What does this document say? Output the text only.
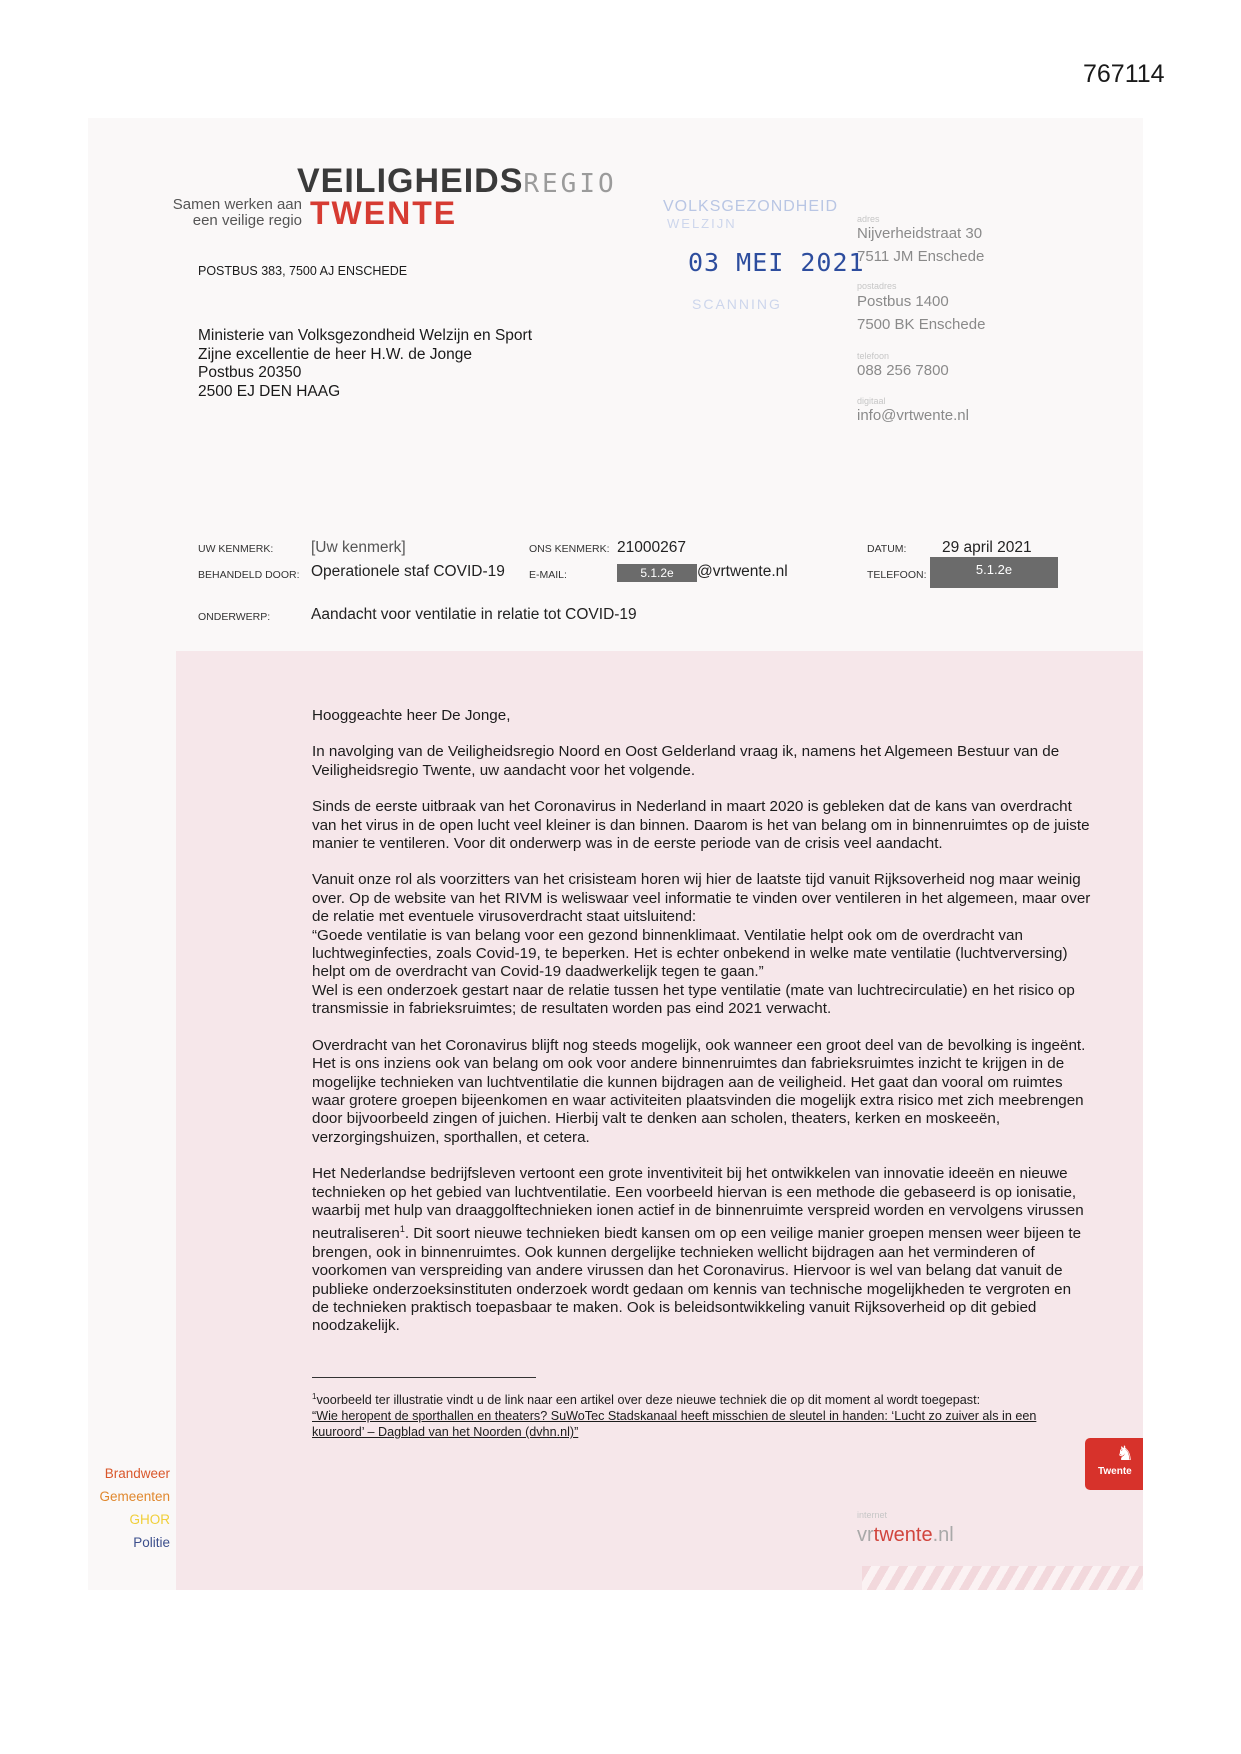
767114
VEILIGHEIDSREGIO
TWENTE
Samen werken aan
een veilige regio
VOLKSGEZONDHEID
WELZIJN
03 MEI 2021
SCANNING
POSTBUS 383, 7500 AJ ENSCHEDE
Ministerie van Volksgezondheid Welzijn en Sport
Zijne excellentie de heer H.W. de Jonge
Postbus 20350
2500 EJ DEN HAAG
adres
Nijverheidstraat 30
7511 JM Enschede
postadres
Postbus 1400
7500 BK Enschede
telefoon
088 256 7800
digitaal
info@vrtwente.nl
UW KENMERK: [Uw kenmerk]
BEHANDELD DOOR: Operationele staf COVID-19
ONS KENMERK: 21000267
E-MAIL:	5.1.2e	@vrtwente.nl
DATUM: 29 april 2021
TELEFOON:	5.1.2e
ONDERWERP:	Aandacht voor ventilatie in relatie tot COVID-19

Hooggeachte heer De Jonge,

In navolging van de Veiligheidsregio Noord en Oost Gelderland vraag ik, namens het Algemeen Bestuur van de Veiligheidsregio Twente, uw aandacht voor het volgende.

Sinds de eerste uitbraak van het Coronavirus in Nederland in maart 2020 is gebleken dat de kans van overdracht van het virus in de open lucht veel kleiner is dan binnen. Daarom is het van belang om in binnenruimtes op de juiste manier te ventileren. Voor dit onderwerp was in de eerste periode van de crisis veel aandacht.

Vanuit onze rol als voorzitters van het crisisteam horen wij hier de laatste tijd vanuit Rijksoverheid nog maar weinig over. Op de website van het RIVM is weliswaar veel informatie te vinden over ventileren in het algemeen, maar over de relatie met eventuele virusoverdracht staat uitsluitend:

“Goede ventilatie is van belang voor een gezond binnenklimaat. Ventilatie helpt ook om de overdracht van luchtweginfecties, zoals Covid-19, te beperken. Het is echter onbekend in welke mate ventilatie (luchtverversing) helpt om de overdracht van Covid-19 daadwerkelijk tegen te gaan.”

Wel is een onderzoek gestart naar de relatie tussen het type ventilatie (mate van luchtrecirculatie) en het risico op transmissie in fabrieksruimtes; de resultaten worden pas eind 2021 verwacht.

Overdracht van het Coronavirus blijft nog steeds mogelijk, ook wanneer een groot deel van de bevolking is ingeënt. Het is ons inziens ook van belang om ook voor andere binnenruimtes dan fabrieksruimtes inzicht te krijgen in de mogelijke technieken van luchtventilatie die kunnen bijdragen aan de veiligheid. Het gaat dan vooral om ruimtes waar grotere groepen bijeenkomen en waar activiteiten plaatsvinden die mogelijk extra risico met zich meebrengen door bijvoorbeeld zingen of juichen. Hierbij valt te denken aan scholen, theaters, kerken en moskeeën, verzorgingshuizen, sporthallen, et cetera.

Het Nederlandse bedrijfsleven vertoont een grote inventiviteit bij het ontwikkelen van innovatie ideeën en nieuwe technieken op het gebied van luchtventilatie. Een voorbeeld hiervan is een methode die gebaseerd is op ionisatie, waarbij met hulp van draaggolftechnieken ionen actief in de binnenruimte verspreid worden en vervolgens virussen neutraliseren$^1$. Dit soort nieuwe technieken biedt kansen om op een veilige manier groepen mensen weer bijeen te brengen, ook in binnenruimtes. Ook kunnen dergelijke technieken wellicht bijdragen aan het verminderen of voorkomen van verspreiding van andere virussen dan het Coronavirus. Hiervoor is wel van belang dat vanuit de publieke onderzoeksinstituten onderzoek wordt gedaan om kennis van technische mogelijkheden te vergroten en de technieken praktisch toepasbaar te maken. Ook is beleidsontwikkeling vanuit Rijksoverheid op dit gebied noodzakelijk.

$^1$voorbeeld ter illustratie vindt u de link naar een artikel over deze nieuwe techniek die op dit moment al wordt toegepast:
“Wie heropent de sporthallen en theaters? SuWoTec Stadskanaal heeft misschien de sleutel in handen: ‘Lucht zo zuiver als in een kuuroord’ – Dagblad van het Noorden (dvhn.nl)”
Brandweer
Gemeenten
GHOR
Politie
♞
Twente
internet
vrtwente.nl
